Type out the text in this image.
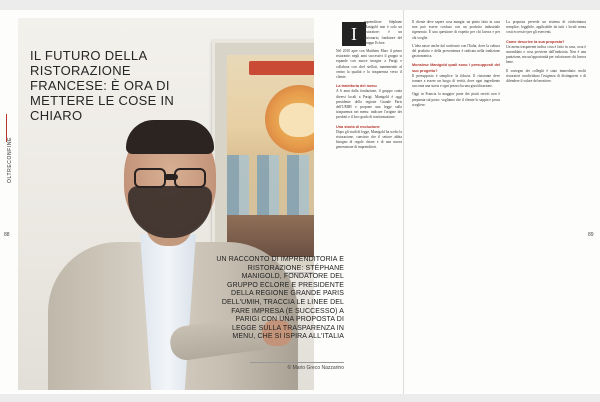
OLTRECONFINE
88
IL FUTURO DELLA RISTORAZIONE FRANCESE: È ORA DI METTERE LE COSE IN CHIARO

UN RACCONTO DI IMPRENDITORIA E RISTORAZIONE: STÉPHANE MANIGOLD, FONDATORE DEL GRUPPO ECLORE E PRESIDENTE DELLA REGIONE GRANDE PARIS DELL'UMIH, TRACCIA LE LINEE DEL FARE IMPRESA (E SUCCESSO) A PARIGI CON UNA PROPOSTA DI LEGGE SULLA TRASPARENZA IN MENU, CHE SI ISPIRA ALL'ITALIA

© Mario Greco Nazzarino
89
I

mprenditore Stéphane Manigold non è solo un ristoratore: è un visionario, fondatore del gruppo Eclore.

Nel 2010 apre con Matthieu Marc il primo ristorante; negli anni successivi il gruppo si espande con nuove insegne a Parigi e collabora con chef stellati, mantenendo al centro la qualità e la trasparenza verso il cliente.

La traiettoria del menu

A 6 anni dalla fondazione, il gruppo conta diversi locali a Parigi. Manigold è oggi presidente della regione Grande Paris dell'UMIH e propone una legge sulla trasparenza nei menu: indicare l'origine dei prodotti e il loro grado di trasformazione.

Una storia di evoluzione

Dopo gli studi di legge, Manigold ha scelto la ristorazione, convinto che il settore abbia bisogno di regole chiare e di una nuova generazione di imprenditori.

Il cliente deve sapere cosa mangia: un piatto fatto in casa non può essere confuso con un prodotto industriale rigenerato. È una questione di rispetto per chi lavora e per chi sceglie.

L'idea nasce anche dal confronto con l'Italia, dove la cultura del prodotto e della provenienza è radicata nella tradizione gastronomica.

Monsieur Manigold quali sono i presupposti del suo progetto?

Il presupposto è semplice: la fiducia. Il ristorante deve tornare a essere un luogo di verità, dove ogni ingrediente racconta una storia e ogni prezzo ha una giustificazione.

Oggi in Francia la maggior parte dei piatti serviti non è preparata sul posto: vogliamo che il cliente lo sappia e possa scegliere.

La proposta prevede un sistema di etichettatura semplice, leggibile, applicabile da tutti i locali senza costi eccessivi per gli esercenti.

Come descrive la sua proposta?

Un menu trasparente indica cosa è fatto in casa, cosa è assemblato e cosa proviene dall'industria. Non è una punizione, ma un'opportunità per valorizzare chi lavora bene.

Il sostegno dei colleghi è stato immediato: molti ristoratori condividono l'esigenza di distinguersi e di difendere il valore del mestiere.
